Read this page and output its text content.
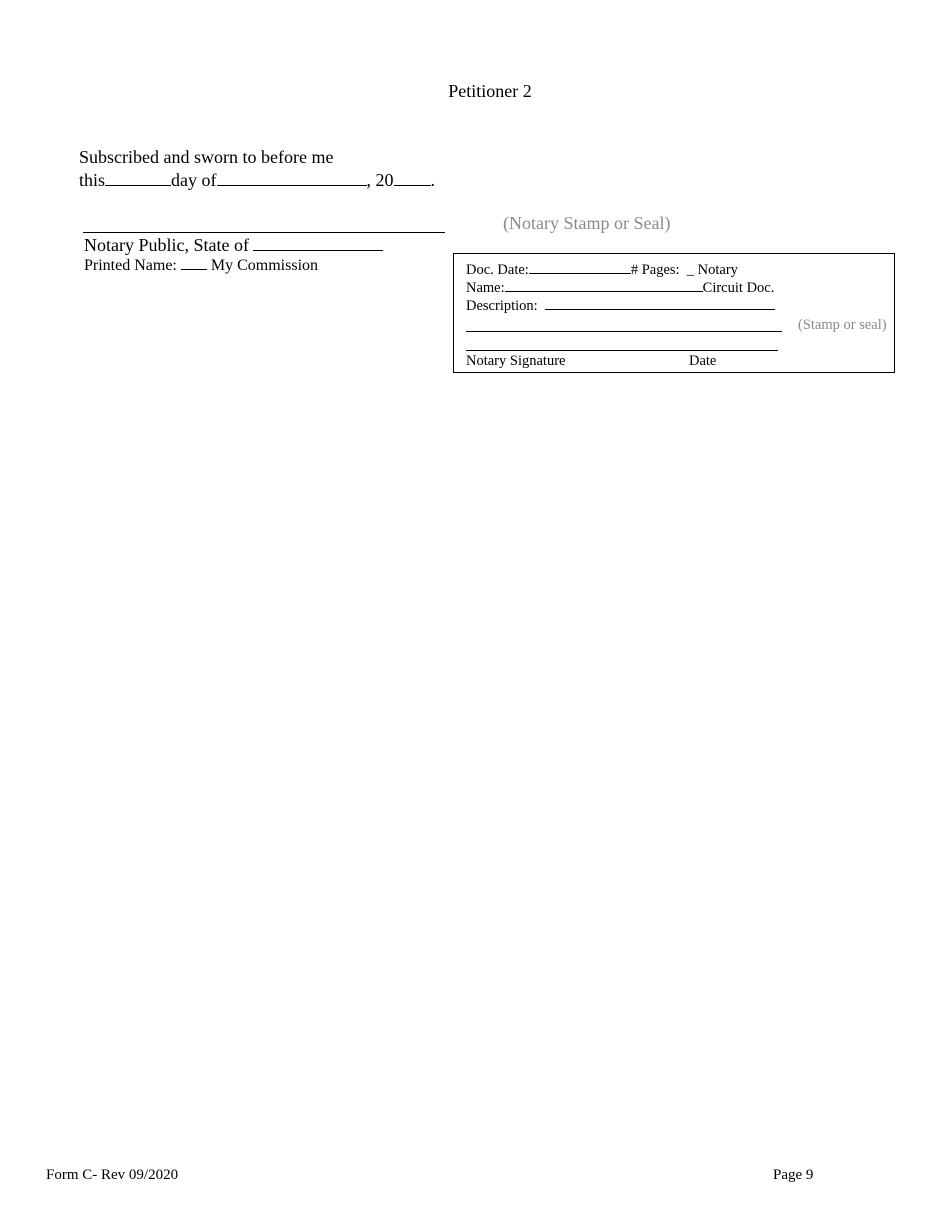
Petitioner 2
Subscribed and sworn to before me
this	day of	, 20 .
Notary Public, State of
Printed Name: My Commission
(Notary Stamp or Seal)
Doc. Date:	# Pages: _ Notary
Name:	Circuit Doc.
Description:
(Stamp or seal)
Notary Signature	Date
Form C- Rev 09/2020	Page 9
